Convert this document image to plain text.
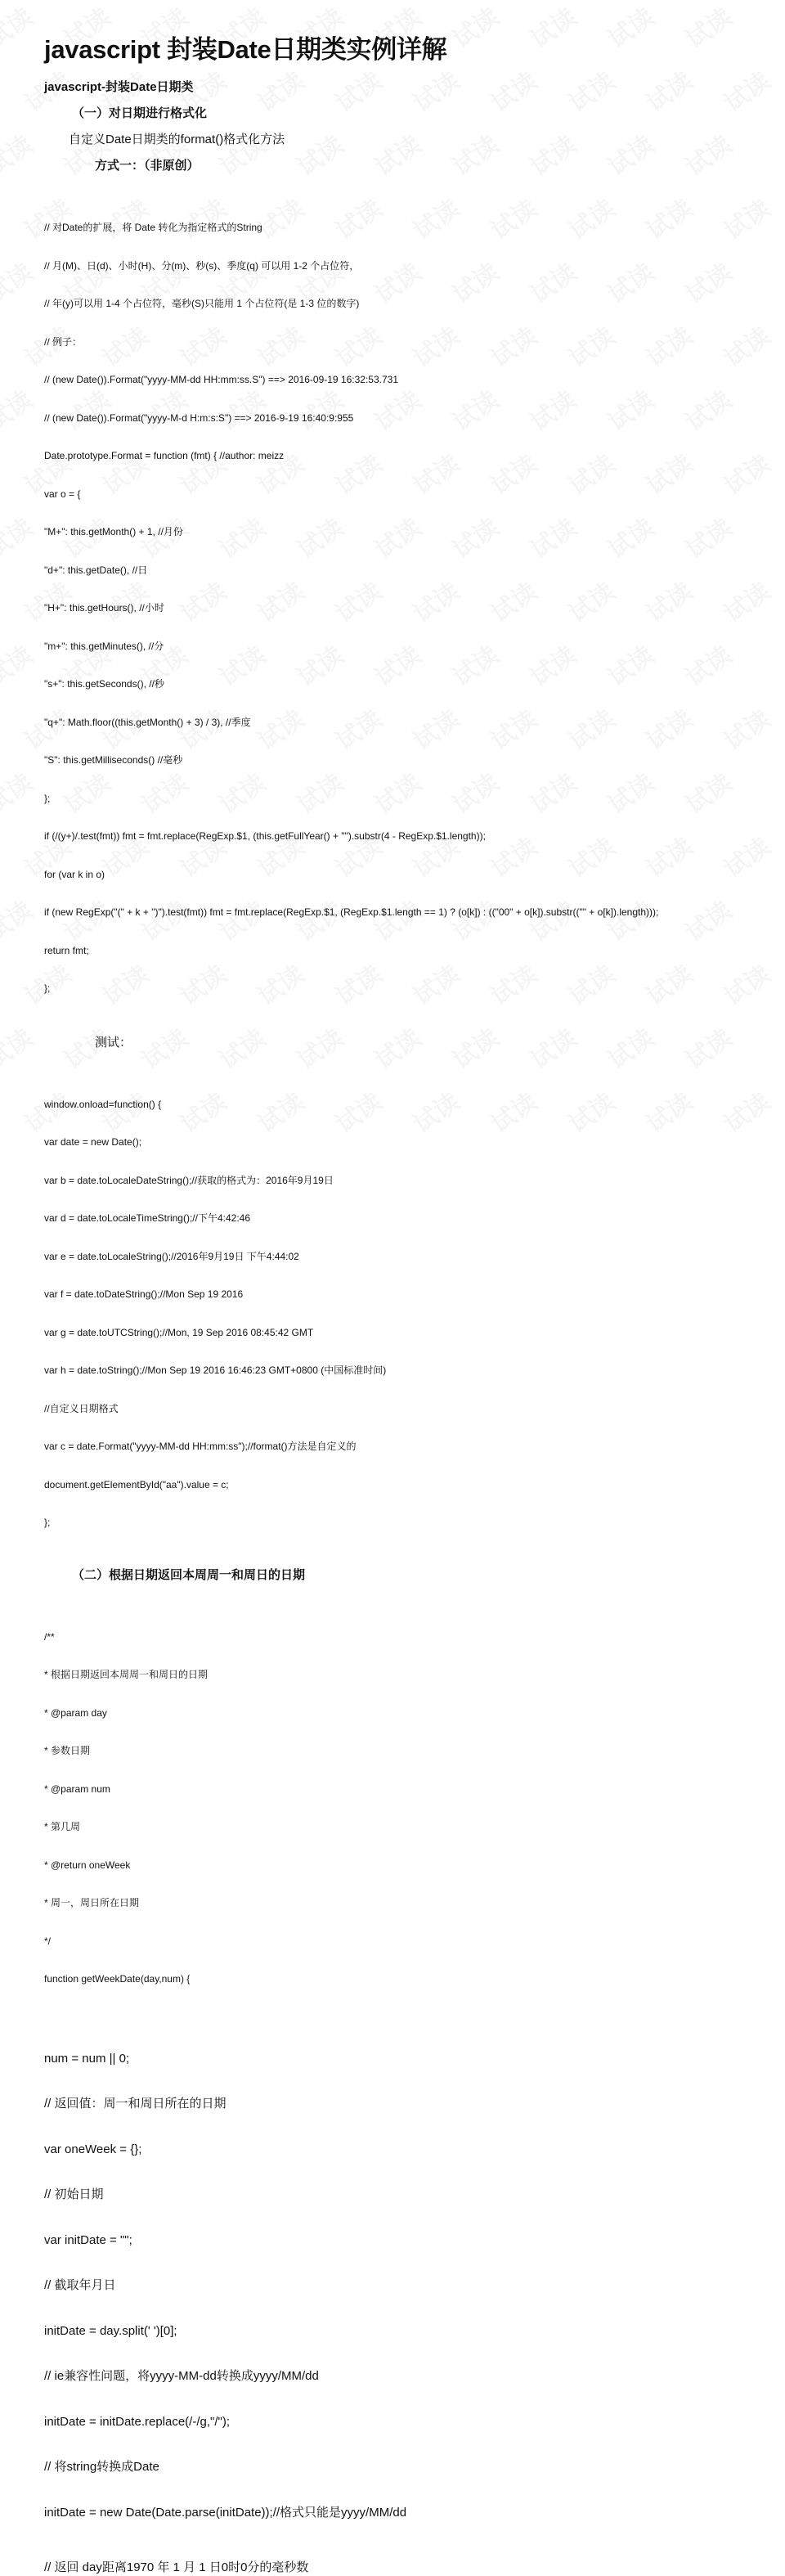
javascript 封装Date日期类实例详解
javascript-封装Date日期类
（一）对日期进行格式化
自定义Date日期类的format()格式化方法
方式一：（非原创）

// 对Date的扩展，将 Date 转化为指定格式的String

// 月(M)、日(d)、小时(H)、分(m)、秒(s)、季度(q) 可以用 1-2 个占位符，

// 年(y)可以用 1-4 个占位符，毫秒(S)只能用 1 个占位符(是 1-3 位的数字)

// 例子：

// (new Date()).Format("yyyy-MM-dd HH:mm:ss.S") ==> 2016-09-19 16:32:53.731

// (new Date()).Format("yyyy-M-d H:m:s:S") ==> 2016-9-19 16:40:9:955

Date.prototype.Format = function (fmt) { //author: meizz

var o = {

"M+": this.getMonth() + 1, //月份

"d+": this.getDate(), //日

"H+": this.getHours(), //小时

"m+": this.getMinutes(), //分

"s+": this.getSeconds(), //秒

"q+": Math.floor((this.getMonth() + 3) / 3), //季度

"S": this.getMilliseconds() //毫秒

};

if (/(y+)/.test(fmt)) fmt = fmt.replace(RegExp.$1, (this.getFullYear() + "").substr(4 - RegExp.$1.length));

for (var k in o)

if (new RegExp("(" + k + ")").test(fmt)) fmt = fmt.replace(RegExp.$1, (RegExp.$1.length == 1) ? (o[k]) : (("00" + o[k]).substr(("" + o[k]).length)));

return fmt;

};

测试：

window.onload=function() {

var date = new Date();

var b = date.toLocaleDateString();//获取的格式为：2016年9月19日

var d = date.toLocaleTimeString();//下午4:42:46

var e = date.toLocaleString();//2016年9月19日 下午4:44:02

var f = date.toDateString();//Mon Sep 19 2016

var g = date.toUTCString();//Mon, 19 Sep 2016 08:45:42 GMT

var h = date.toString();//Mon Sep 19 2016 16:46:23 GMT+0800 (中国标准时间)

//自定义日期格式

var c = date.Format("yyyy-MM-dd HH:mm:ss");//format()方法是自定义的

document.getElementById("aa").value = c;

};

（二）根据日期返回本周周一和周日的日期

/**

* 根据日期返回本周周一和周日的日期

* @param day

* 参数日期

* @param num

* 第几周

* @return oneWeek

* 周一，周日所在日期

*/

function getWeekDate(day,num) {

num = num || 0;

// 返回值：周一和周日所在的日期

var oneWeek = {};

// 初始日期

var initDate = "";

// 截取年月日

initDate = day.split(' ')[0];

// ie兼容性问题，将yyyy-MM-dd转换成yyyy/MM/dd

initDate = initDate.replace(/-/g,"/");

// 将string转换成Date

initDate = new Date(Date.parse(initDate));//格式只能是yyyy/MM/dd

// 返回 day距离1970 年 1 月 1 日0时0分的毫秒数
